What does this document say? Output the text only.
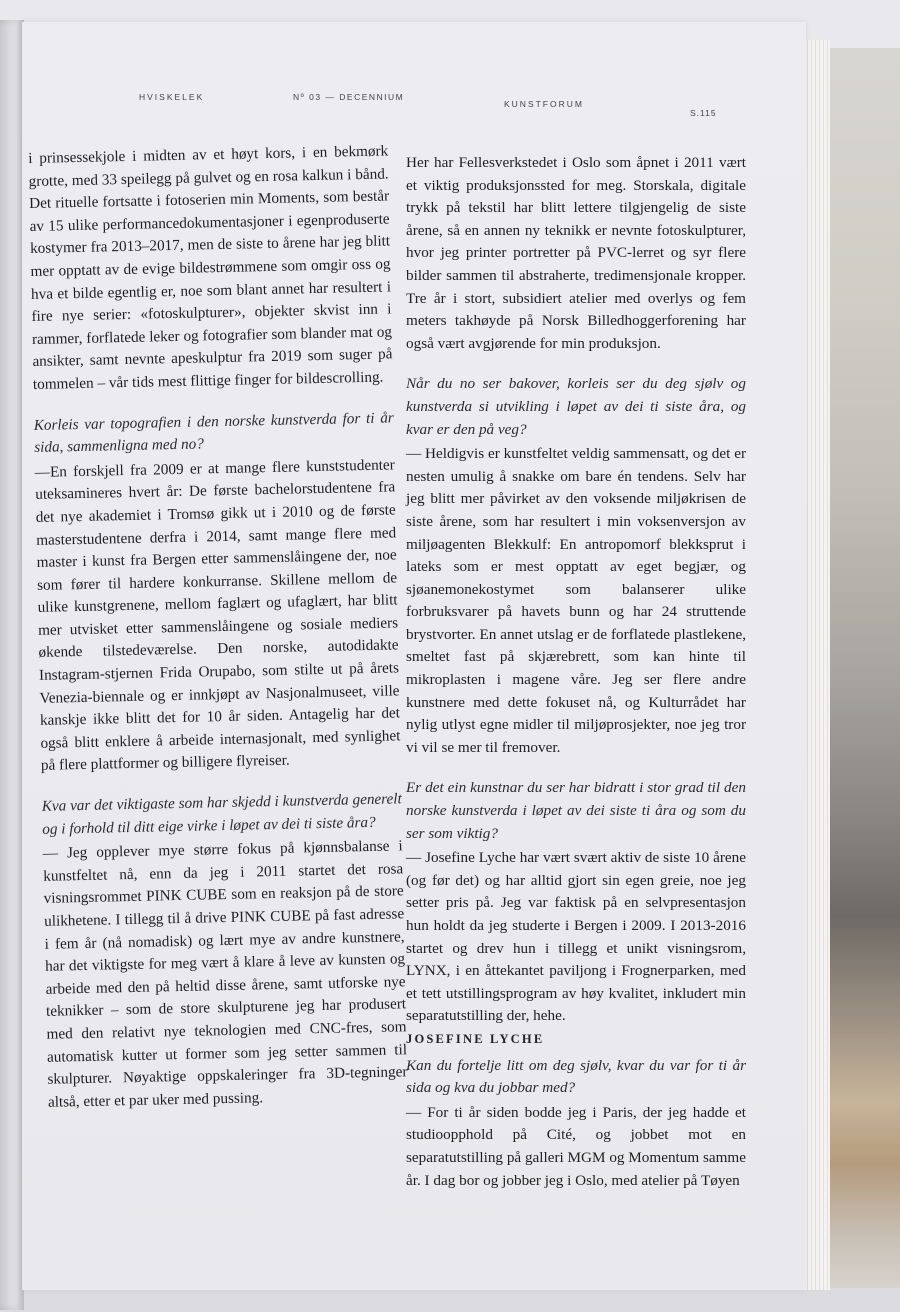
HVISKELEK	Nº 03 — DECENNIUM
KUNSTFORUM
S.115

i prinsessekjole i midten av et høyt kors, i en bekmørk grotte, med 33 speilegg på gulvet og en rosa kalkun i bånd. Det rituelle fortsatte i fotoserien min Moments, som består av 15 ulike performancedokumentasjoner i egenproduserte kostymer fra 2013–2017, men de siste to årene har jeg blitt mer opptatt av de evige bildestrømmene som omgir oss og hva et bilde egentlig er, noe som blant annet har resultert i fire nye serier: «fotoskulpturer», objekter skvist inn i rammer, forflatede leker og fotografier som blander mat og ansikter, samt nevnte apeskulptur fra 2019 som suger på tommelen – vår tids mest flittige finger for bildescrolling.

Korleis var topografien i den norske kunstverda for ti år sida, sammenligna med no?

—En forskjell fra 2009 er at mange flere kunststudenter uteksamineres hvert år: De første bachelorstudentene fra det nye akademiet i Tromsø gikk ut i 2010 og de første masterstudentene derfra i 2014, samt mange flere med master i kunst fra Bergen etter sammenslåingene der, noe som fører til hardere konkurranse. Skillene mellom de ulike kunstgrenene, mellom faglært og ufaglært, har blitt mer utvisket etter sammenslåingene og sosiale mediers økende tilstedeværelse. Den norske, autodidakte Instagram-stjernen Frida Orupabo, som stilte ut på årets Venezia-biennale og er innkjøpt av Nasjonalmuseet, ville kanskje ikke blitt det for 10 år siden. Antagelig har det også blitt enklere å arbeide internasjonalt, med synlighet på flere plattformer og billigere flyreiser.

Kva var det viktigaste som har skjedd i kunstverda generelt og i forhold til ditt eige virke i løpet av dei ti siste åra?

— Jeg opplever mye større fokus på kjønnsbalanse i kunstfeltet nå, enn da jeg i 2011 startet det rosa visningsrommet PINK CUBE som en reaksjon på de store ulikhetene. I tillegg til å drive PINK CUBE på fast adresse i fem år (nå nomadisk) og lært mye av andre kunstnere, har det viktigste for meg vært å klare å leve av kunsten og arbeide med den på heltid disse årene, samt utforske nye teknikker – som de store skulpturene jeg har produsert med den relativt nye teknologien med CNC-fres, som automatisk kutter ut former som jeg setter sammen til skulpturer. Nøyaktige oppskaleringer fra 3D-tegninger altså, etter et par uker med pussing.

Her har Fellesverkstedet i Oslo som åpnet i 2011 vært et viktig produksjonssted for meg. Storskala, digitale trykk på tekstil har blitt lettere tilgjengelig de siste årene, så en annen ny teknikk er nevnte fotoskulpturer, hvor jeg printer portretter på PVC-lerret og syr flere bilder sammen til abstraherte, tredimensjonale kropper. Tre år i stort, subsidiert atelier med overlys og fem meters takhøyde på Norsk Billedhoggerforening har også vært avgjørende for min produksjon.

Når du no ser bakover, korleis ser du deg sjølv og kunstverda si utvikling i løpet av dei ti siste åra, og kvar er den på veg?

— Heldigvis er kunstfeltet veldig sammensatt, og det er nesten umulig å snakke om bare én tendens. Selv har jeg blitt mer påvirket av den voksende miljøkrisen de siste årene, som har resultert i min voksenversjon av miljøagenten Blekkulf: En antropomorf blekksprut i lateks som er mest opptatt av eget begjær, og sjøanemonekostymet som balanserer ulike forbruksvarer på havets bunn og har 24 struttende brystvorter. En annet utslag er de forflatede plastlekene, smeltet fast på skjærebrett, som kan hinte til mikroplasten i magene våre. Jeg ser flere andre kunstnere med dette fokuset nå, og Kulturrådet har nylig utlyst egne midler til miljøprosjekter, noe jeg tror vi vil se mer til fremover.

Er det ein kunstnar du ser har bidratt i stor grad til den norske kunstverda i løpet av dei siste ti åra og som du ser som viktig?

— Josefine Lyche har vært svært aktiv de siste 10 årene (og før det) og har alltid gjort sin egen greie, noe jeg setter pris på. Jeg var faktisk på en selvpresentasjon hun holdt da jeg studerte i Bergen i 2009. I 2013-2016 startet og drev hun i tillegg et unikt visningsrom, LYNX, i en åttekantet paviljong i Frognerparken, med et tett utstillingsprogram av høy kvalitet, inkludert min separatutstilling der, hehe.

JOSEFINE LYCHE

Kan du fortelje litt om deg sjølv, kvar du var for ti år sida og kva du jobbar med?

— For ti år siden bodde jeg i Paris, der jeg hadde et studioopphold på Cité, og jobbet mot en separatutstilling på galleri MGM og Momentum samme år. I dag bor og jobber jeg i Oslo, med atelier på Tøyen
